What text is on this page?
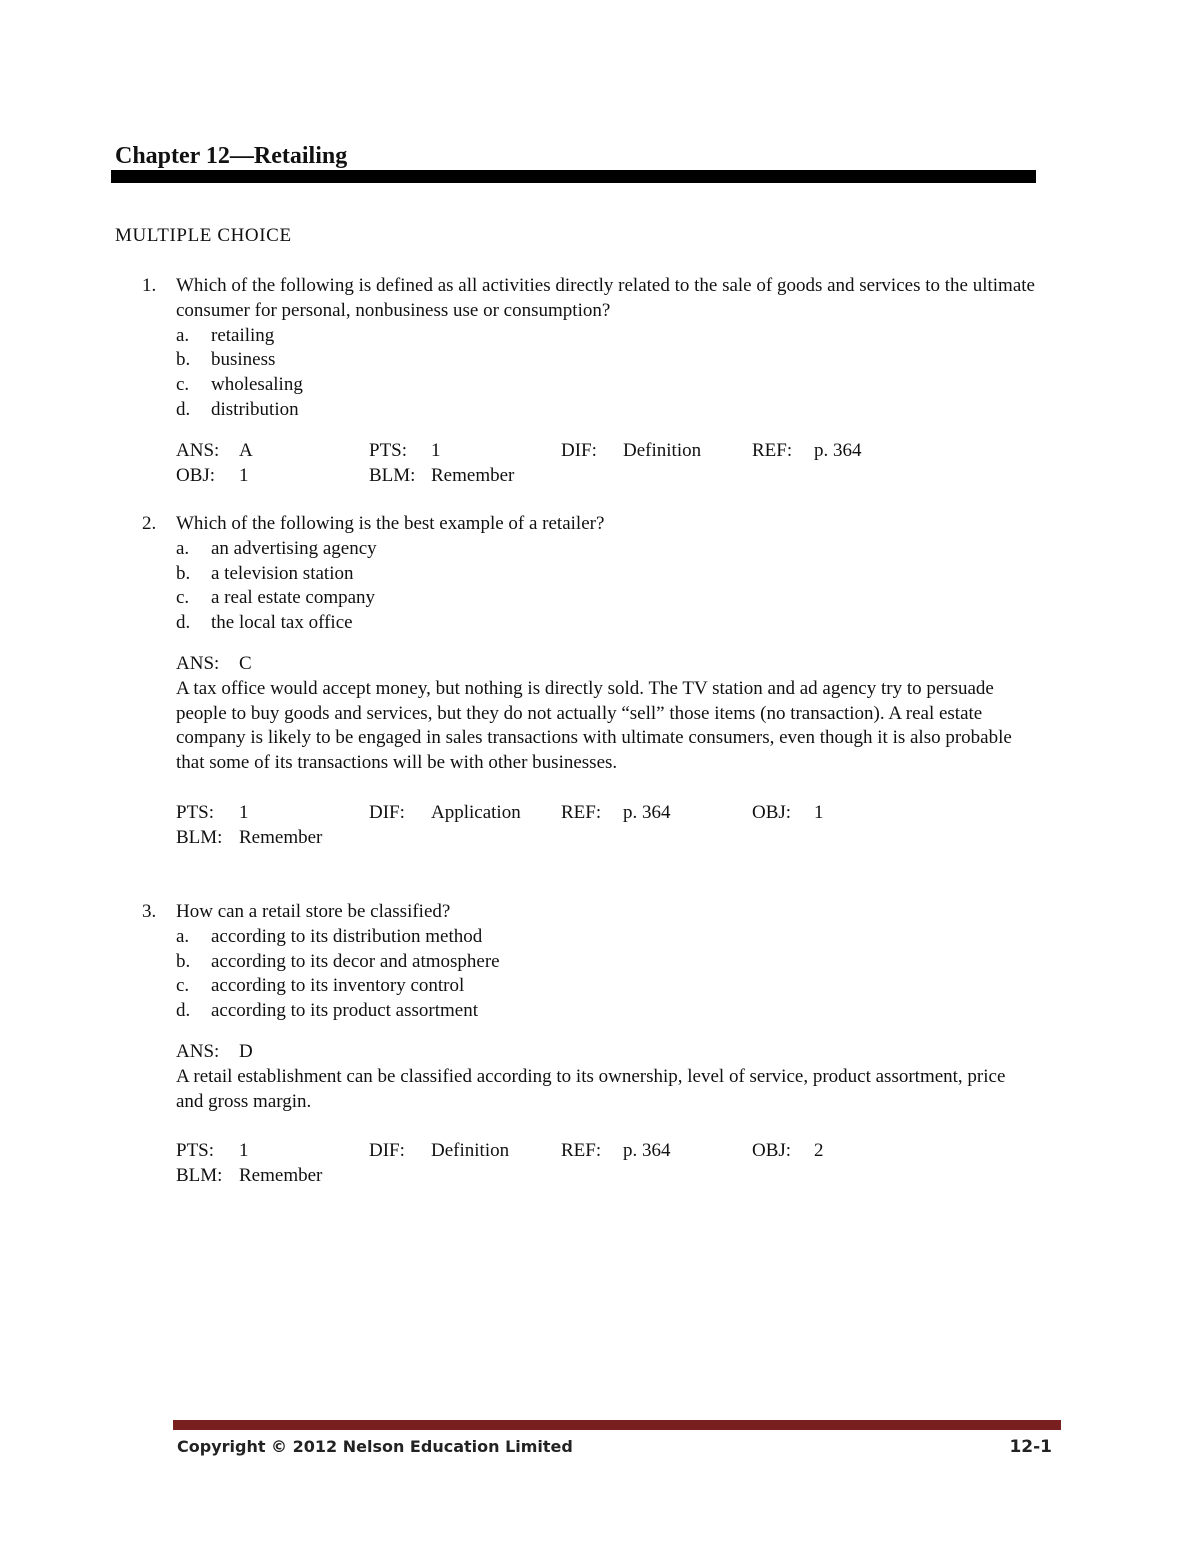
Chapter 12—Retailing
MULTIPLE CHOICE
1. Which of the following is defined as all activities directly related to the sale of goods and services to the ultimate consumer for personal, nonbusiness use or consumption?

a. retailing
b. business
c. wholesaling
d. distribution
ANS: A	PTS: 1	DIF: Definition	REF: p. 364
OBJ: 1	BLM: Remember
2. Which of the following is the best example of a retailer?

a. an advertising agency
b. a television station
c. a real estate company
d. the local tax office
ANS: C

A tax office would accept money, but nothing is directly sold. The TV station and ad agency try to persuade people to buy goods and services, but they do not actually “sell” those items (no transaction). A real estate company is likely to be engaged in sales transactions with ultimate consumers, even though it is also probable that some of its transactions will be with other businesses.

PTS: 1	DIF: Application REF: p. 364	OBJ: 1
BLM: Remember
3. How can a retail store be classified?

a. according to its distribution method
b. according to its decor and atmosphere
c. according to its inventory control
d. according to its product assortment
ANS: D

A retail establishment can be classified according to its ownership, level of service, product assortment, price and gross margin.

PTS: 1	DIF: Definition	REF: p. 364	OBJ: 2
BLM: Remember
Copyright © 2012 Nelson Education Limited	12-1
